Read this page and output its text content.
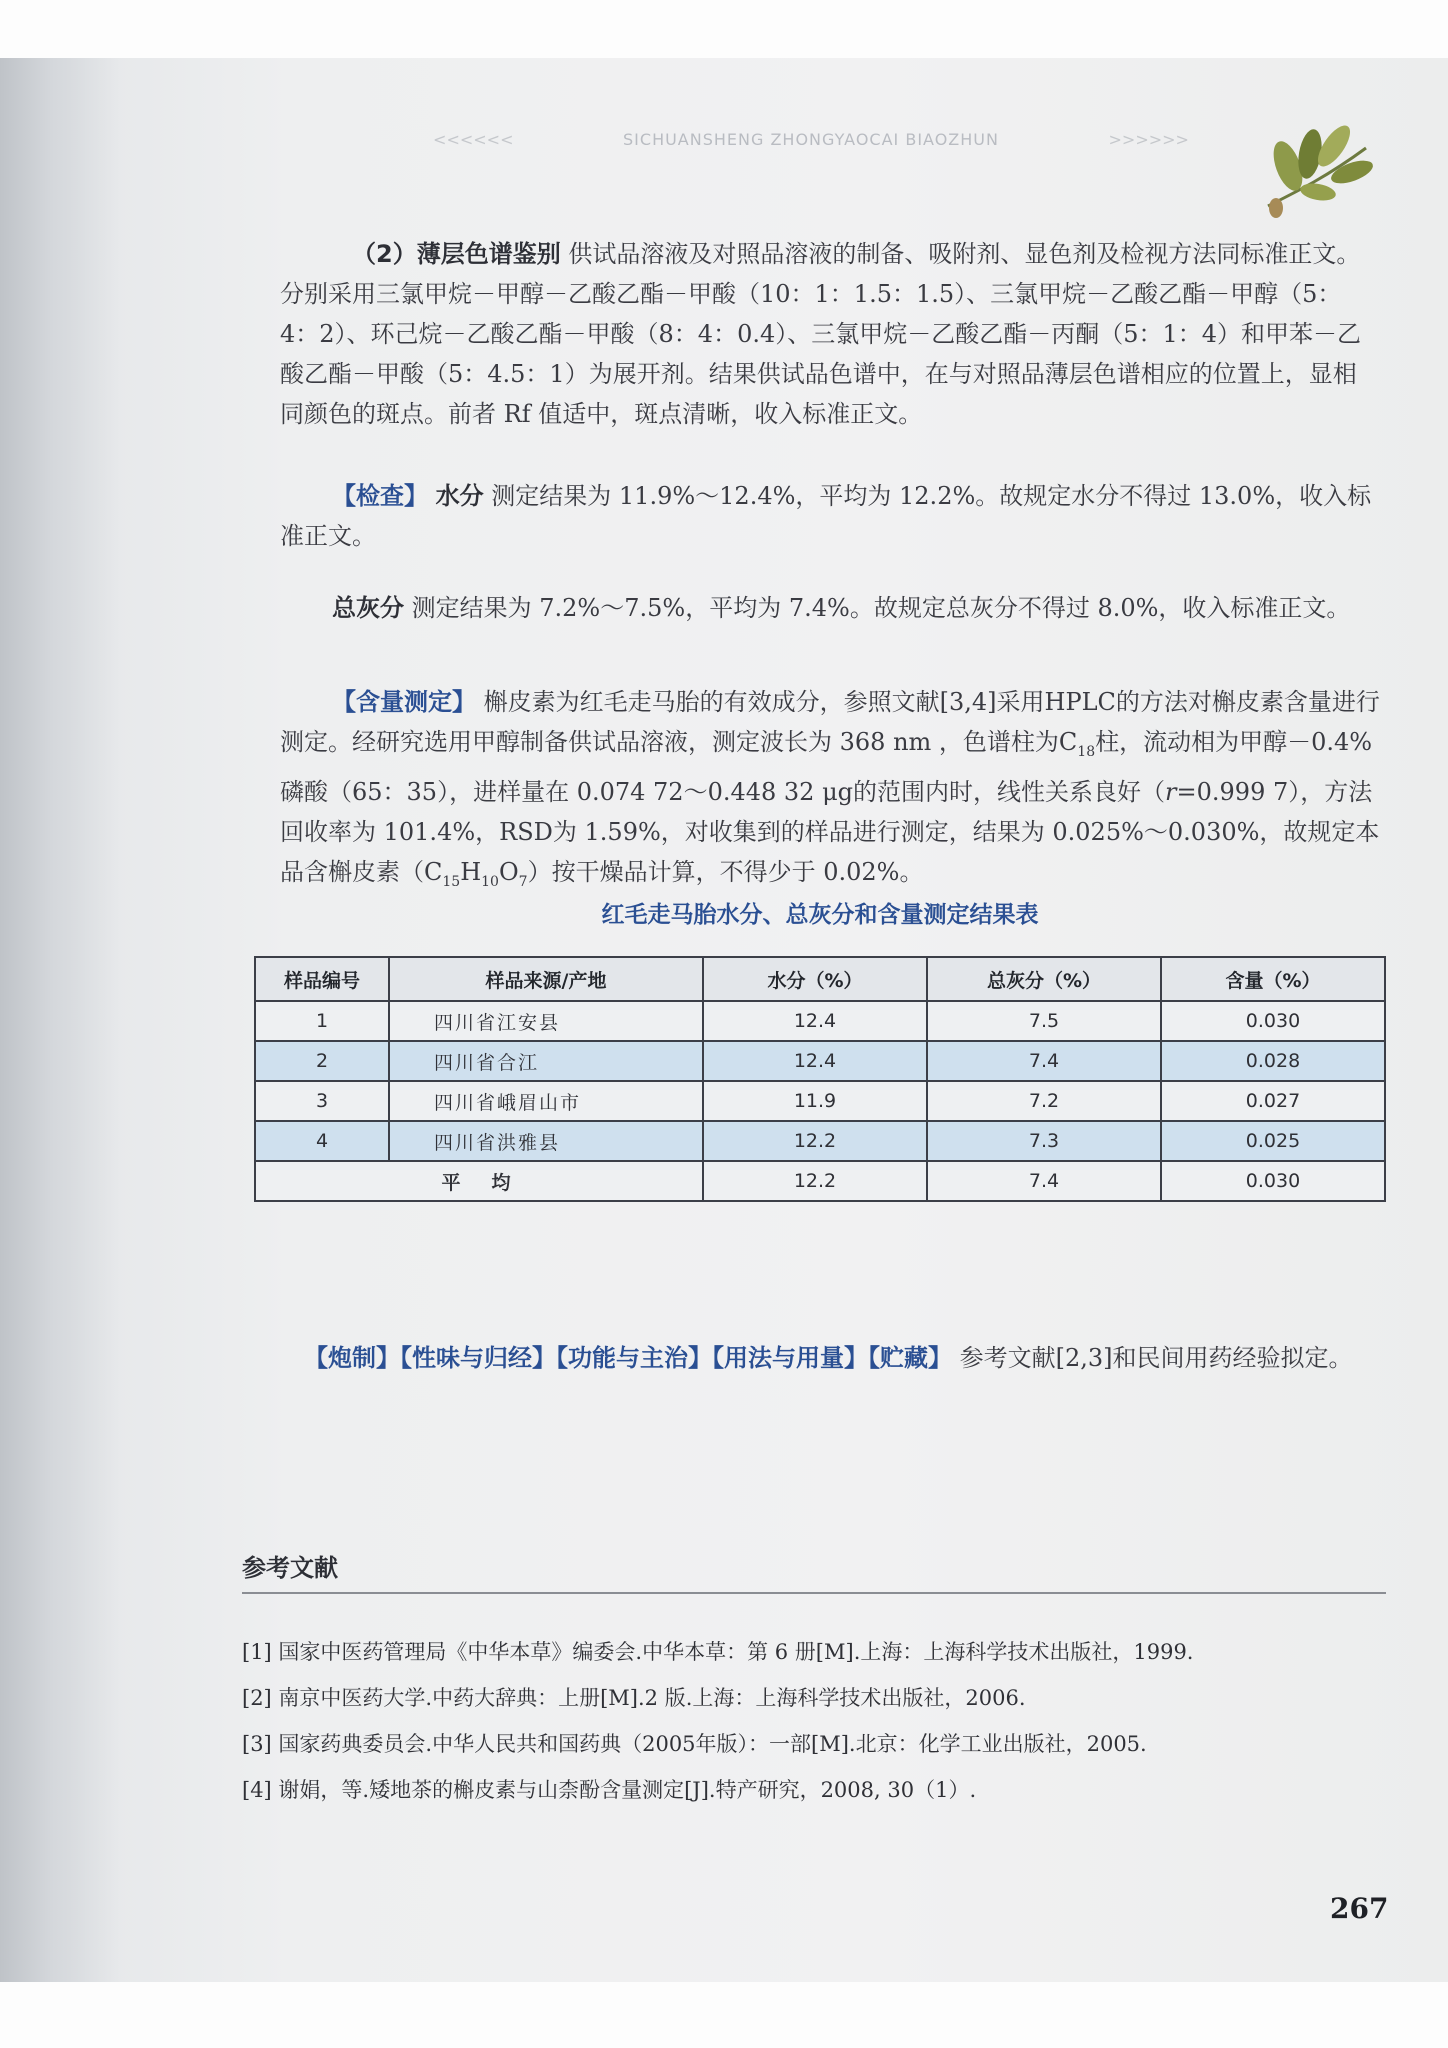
<<<<<<	SICHUANSHENG ZHONGYAOCAI BIAOZHUN	>>>>>>
（2）薄层色谱鉴别 供试品溶液及对照品溶液的制备、吸附剂、显色剂及检视方法同标准正文。分别采用三氯甲烷－甲醇－乙酸乙酯－甲酸（10：1：1.5：1.5）、三氯甲烷－乙酸乙酯－甲醇（5：4：2）、环己烷－乙酸乙酯－甲酸（8：4：0.4）、三氯甲烷－乙酸乙酯－丙酮（5：1：4）和甲苯－乙酸乙酯－甲酸（5：4.5：1）为展开剂。结果供试品色谱中，在与对照品薄层色谱相应的位置上，显相同颜色的斑点。前者 Rf 值适中，斑点清晰，收入标准正文。
【检查】 水分 测定结果为 11.9%～12.4%，平均为 12.2%。故规定水分不得过 13.0%，收入标准正文。
总灰分 测定结果为 7.2%～7.5%，平均为 7.4%。故规定总灰分不得过 8.0%，收入标准正文。
【含量测定】 槲皮素为红毛走马胎的有效成分，参照文献[3,4]采用HPLC的方法对槲皮素含量进行测定。经研究选用甲醇制备供试品溶液，测定波长为 368 nm ，色谱柱为$C_{18}$柱，流动相为甲醇－0.4%磷酸（65：35），进样量在 0.074 72～0.448 32 μg的范围内时，线性关系良好（r=0.999 7），方法回收率为 101.4%，RSD为 1.59%，对收集到的样品进行测定，结果为 0.025%～0.030%，故规定本品含槲皮素$(C_{15}H_{10}O_7)$按干燥品计算，不得少于 0.02%。
红毛走马胎水分、总灰分和含量测定结果表
样品编号	样品来源/产地	水分（%）	总灰分（%）	含量（%）
1	四川省江安县	12.4	7.5	0.030
2	四川省合江	12.4	7.4	0.028
3	四川省峨眉山市	11.9	7.2	0.027
4	四川省洪雅县	12.2	7.3	0.025
平　均		12.2	7.4	0.030
【炮制】【性味与归经】【功能与主治】【用法与用量】【贮藏】 参考文献[2,3]和民间用药经验拟定。
参考文献
[1] 国家中医药管理局《中华本草》编委会.中华本草：第 6 册[M].上海：上海科学技术出版社，1999.
[2] 南京中医药大学.中药大辞典：上册[M].2 版.上海：上海科学技术出版社，2006.
[3] 国家药典委员会.中华人民共和国药典（2005年版）：一部[M].北京：化学工业出版社，2005.
[4] 谢娟，等.矮地茶的槲皮素与山柰酚含量测定[J].特产研究，2008, 30（1）.
267
